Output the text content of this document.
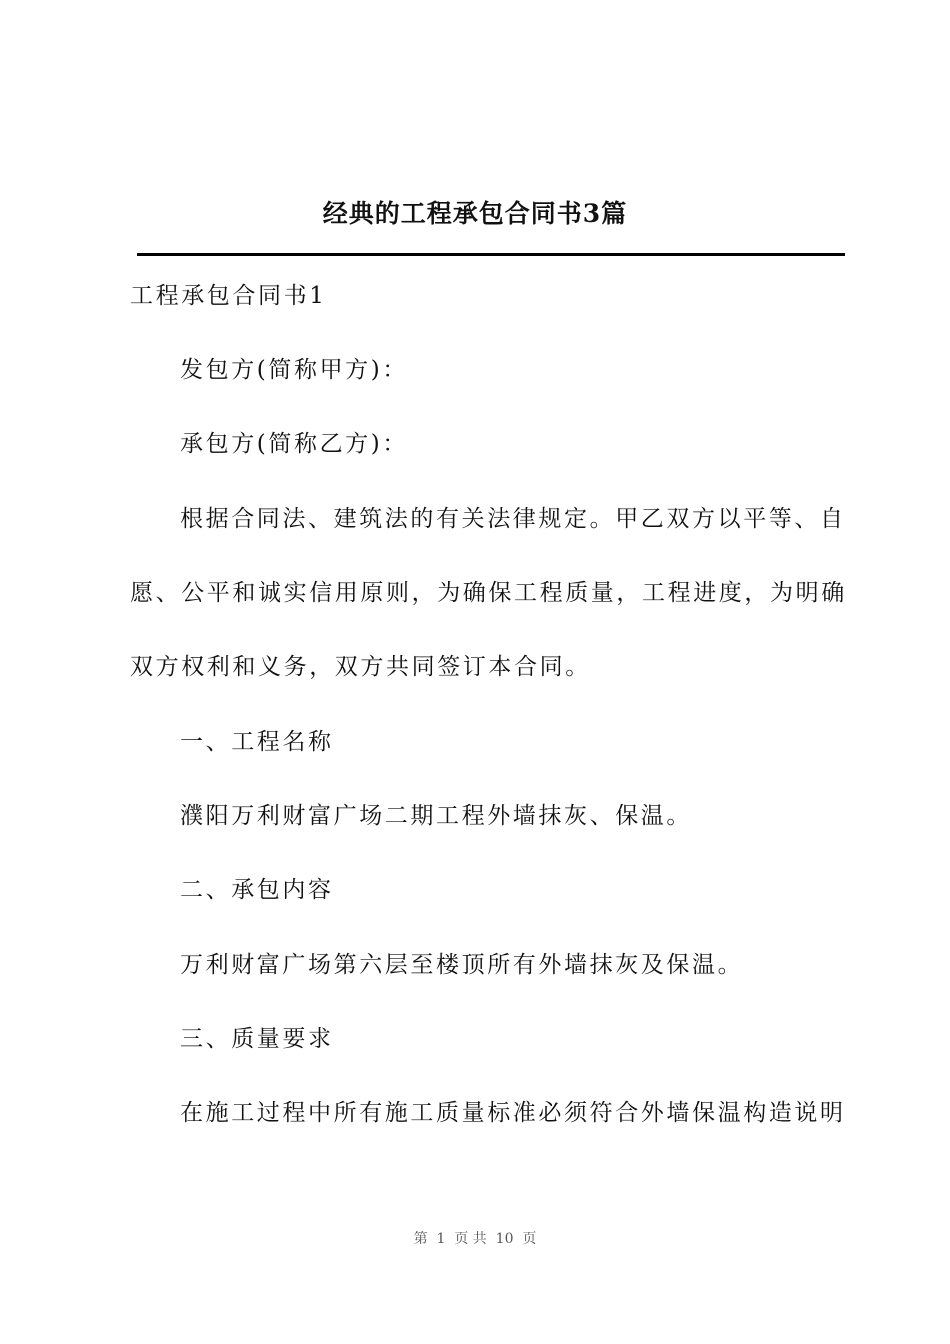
经典的工程承包合同书3篇
工程承包合同书1
发包方(简称甲方)：
承包方(简称乙方)：
根据合同法、建筑法的有关法律规定。甲乙双方以平等、自
愿、公平和诚实信用原则，为确保工程质量，工程进度，为明确
双方权利和义务，双方共同签订本合同。
一、工程名称
濮阳万利财富广场二期工程外墙抹灰、保温。
二、承包内容
万利财富广场第六层至楼顶所有外墙抹灰及保温。
三、质量要求
在施工过程中所有施工质量标准必须符合外墙保温构造说明
第  1  页 共  10  页
